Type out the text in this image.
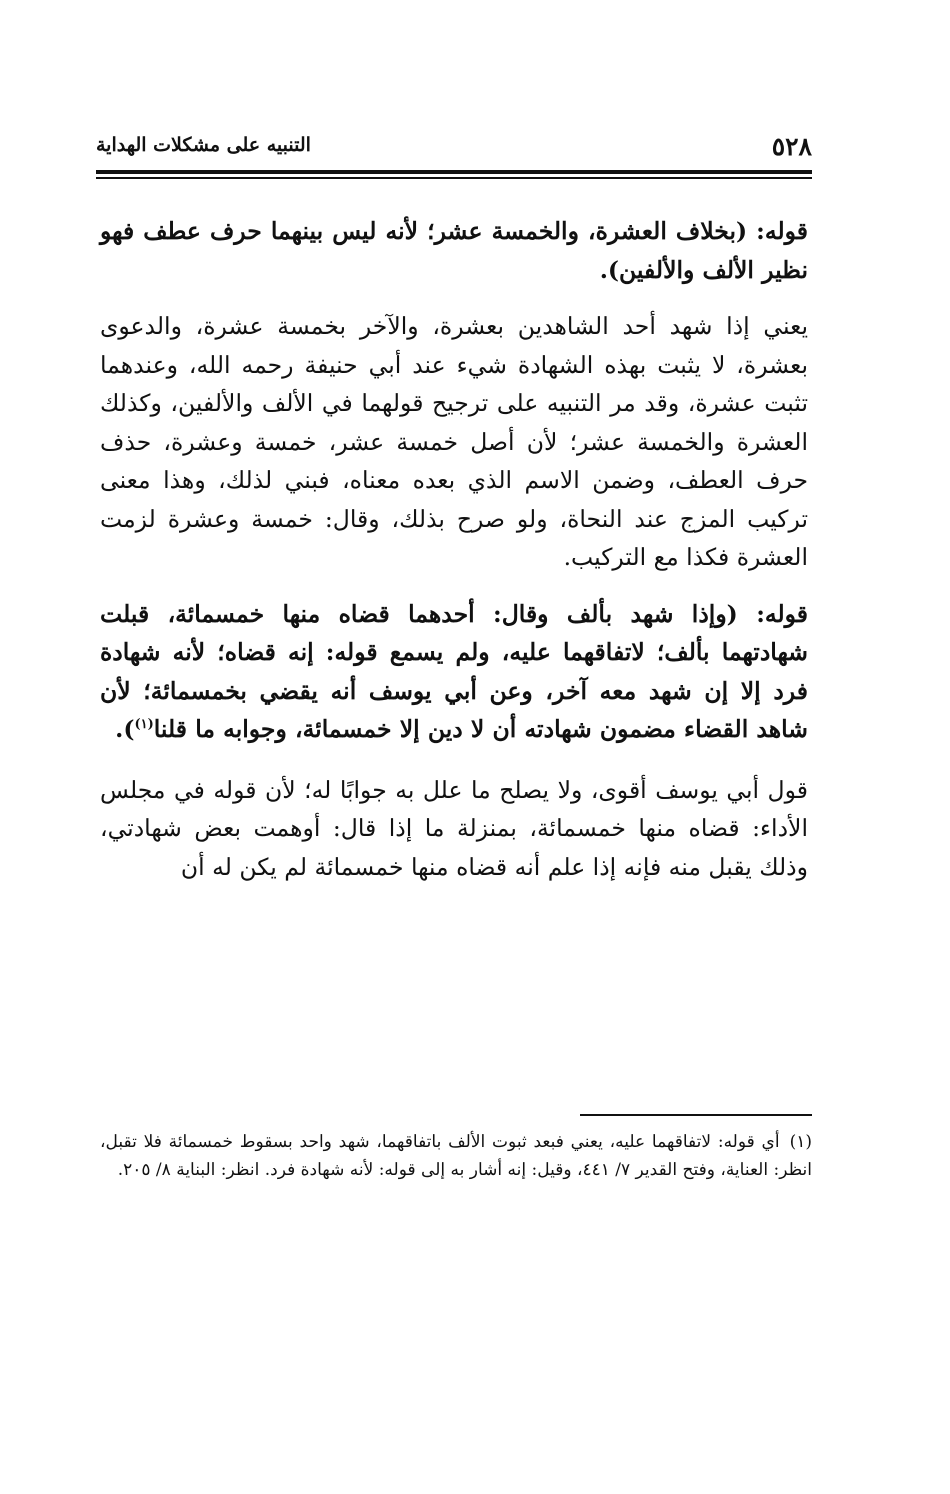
٥٢٨
التنبيه على مشكلات الهداية

قوله: (بخلاف العشرة، والخمسة عشر؛ لأنه ليس بينهما حرف عطف فهو نظير الألف والألفين).

يعني إذا شهد أحد الشاهدين بعشرة، والآخر بخمسة عشرة، والدعوى بعشرة، لا يثبت بهذه الشهادة شيء عند أبي حنيفة رحمه الله، وعندهما تثبت عشرة، وقد مر التنبيه على ترجيح قولهما في الألف والألفين، وكذلك العشرة والخمسة عشر؛ لأن أصل خمسة عشر، خمسة وعشرة، حذف حرف العطف، وضمن الاسم الذي بعده معناه، فبني لذلك، وهذا معنى تركيب المزج عند النحاة، ولو صرح بذلك، وقال: خمسة وعشرة لزمت العشرة فكذا مع التركيب.

قوله: (وإذا شهد بألف وقال: أحدهما قضاه منها خمسمائة، قبلت شهادتهما بألف؛ لاتفاقهما عليه، ولم يسمع قوله: إنه قضاه؛ لأنه شهادة فرد إلا إن شهد معه آخر، وعن أبي يوسف أنه يقضي بخمسمائة؛ لأن شاهد القضاء مضمون شهادته أن لا دين إلا خمسمائة، وجوابه ما قلنا$^{(١)}$).

قول أبي يوسف أقوى، ولا يصلح ما علل به جوابًا له؛ لأن قوله في مجلس الأداء: قضاه منها خمسمائة، بمنزلة ما إذا قال: أوهمت بعض شهادتي، وذلك يقبل منه فإنه إذا علم أنه قضاه منها خمسمائة لم يكن له أن

(١)أي قوله: لاتفاقهما عليه، يعني فبعد ثبوت الألف باتفاقهما، شهد واحد بسقوط خمسمائة فلا تقبل، انظر: العناية، وفتح القدير ٧/ ٤٤١، وقيل: إنه أشار به إلى قوله: لأنه شهادة فرد. انظر: البناية ٨/ ٢٠٥.
